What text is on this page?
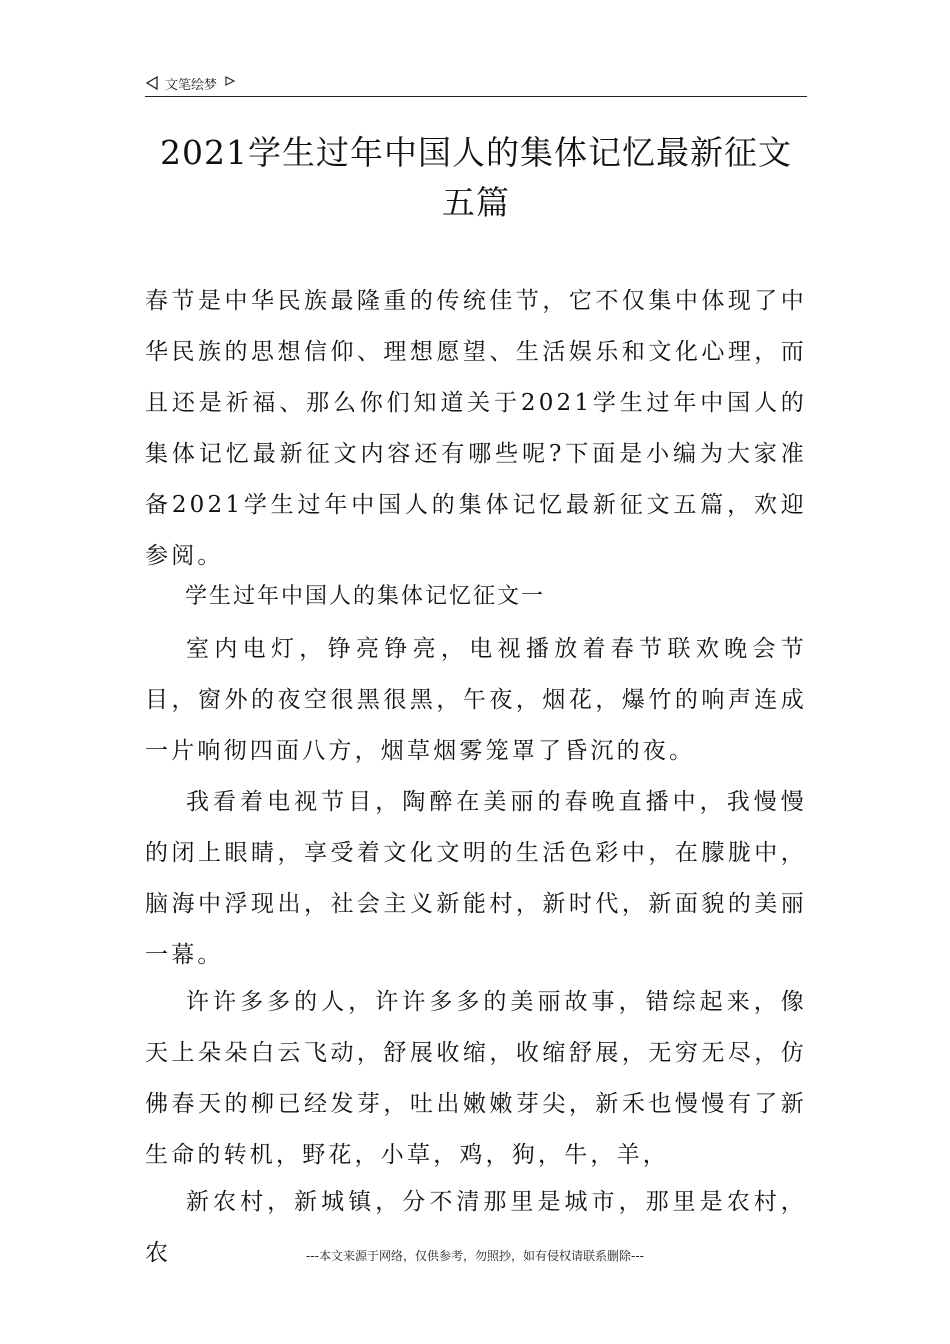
文笔绘梦
2021学生过年中国人的集体记忆最新征文
五篇

春节是中华民族最隆重的传统佳节，它不仅集中体现了中华民族的思想信仰、理想愿望、生活娱乐和文化心理，而且还是祈福、那么你们知道关于2021学生过年中国人的集体记忆最新征文内容还有哪些呢?下面是小编为大家准备2021学生过年中国人的集体记忆最新征文五篇，欢迎参阅。

学生过年中国人的集体记忆征文一

室内电灯，铮亮铮亮，电视播放着春节联欢晚会节目，窗外的夜空很黑很黑，午夜，烟花，爆竹的响声连成一片响彻四面八方，烟草烟雾笼罩了昏沉的夜。

我看着电视节目，陶醉在美丽的春晚直播中，我慢慢的闭上眼睛，享受着文化文明的生活色彩中，在朦胧中，脑海中浮现出，社会主义新能村，新时代，新面貌的美丽一幕。

许许多多的人，许许多多的美丽故事，错综起来，像天上朵朵白云飞动，舒展收缩，收缩舒展，无穷无尽，仿佛春天的柳已经发芽，吐出嫩嫩芽尖，新禾也慢慢有了新生命的转机，野花，小草，鸡，狗，牛，羊，

新农村，新城镇，分不清那里是城市，那里是农村，农	---本文来源于网络，仅供参考，勿照抄，如有侵权请联系删除---
